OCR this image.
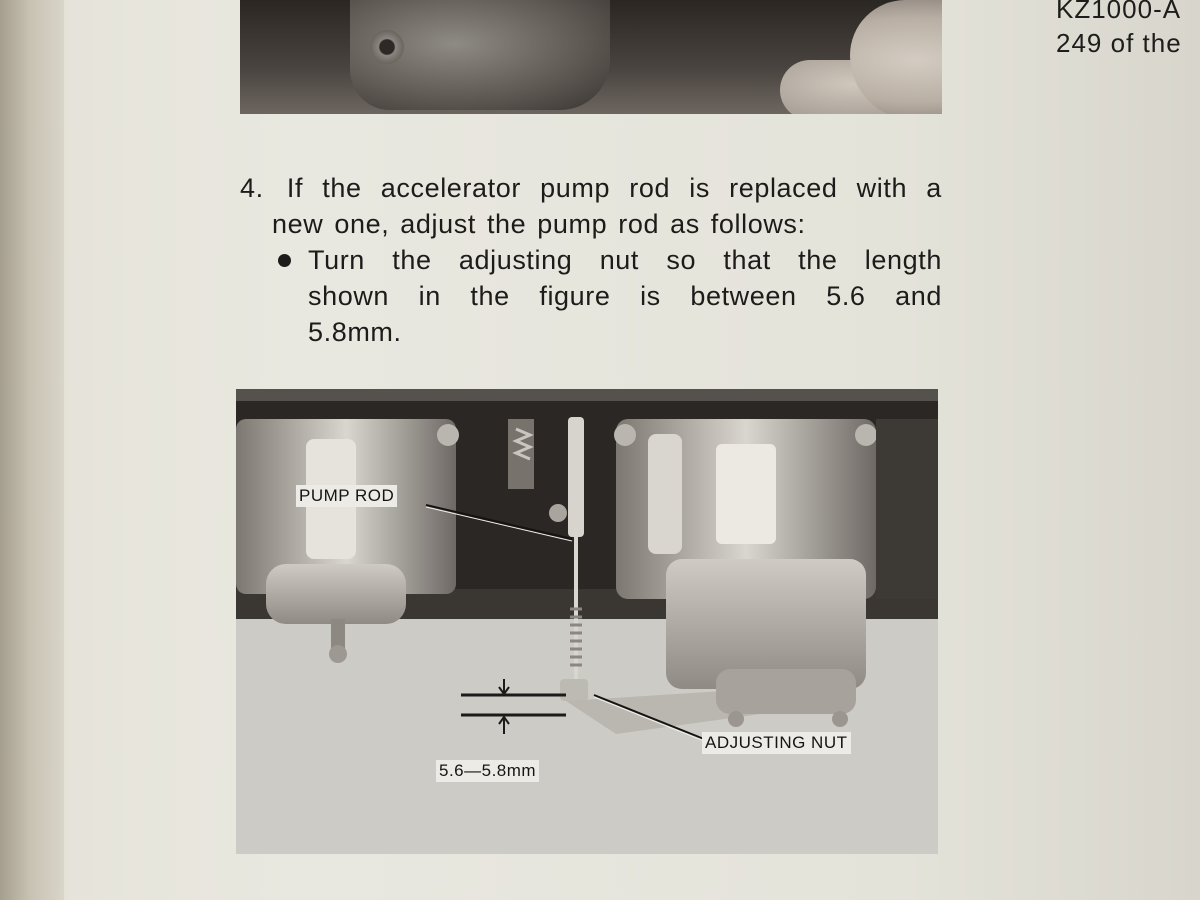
KZ1000-A
249 of the
4. If the accelerator pump rod is replaced with a
new one, adjust the pump rod as follows:
Turn the adjusting nut so that the length
shown in the figure is between 5.6 and
5.8mm.
PUMP ROD
ADJUSTING NUT
5.6—5.8mm
